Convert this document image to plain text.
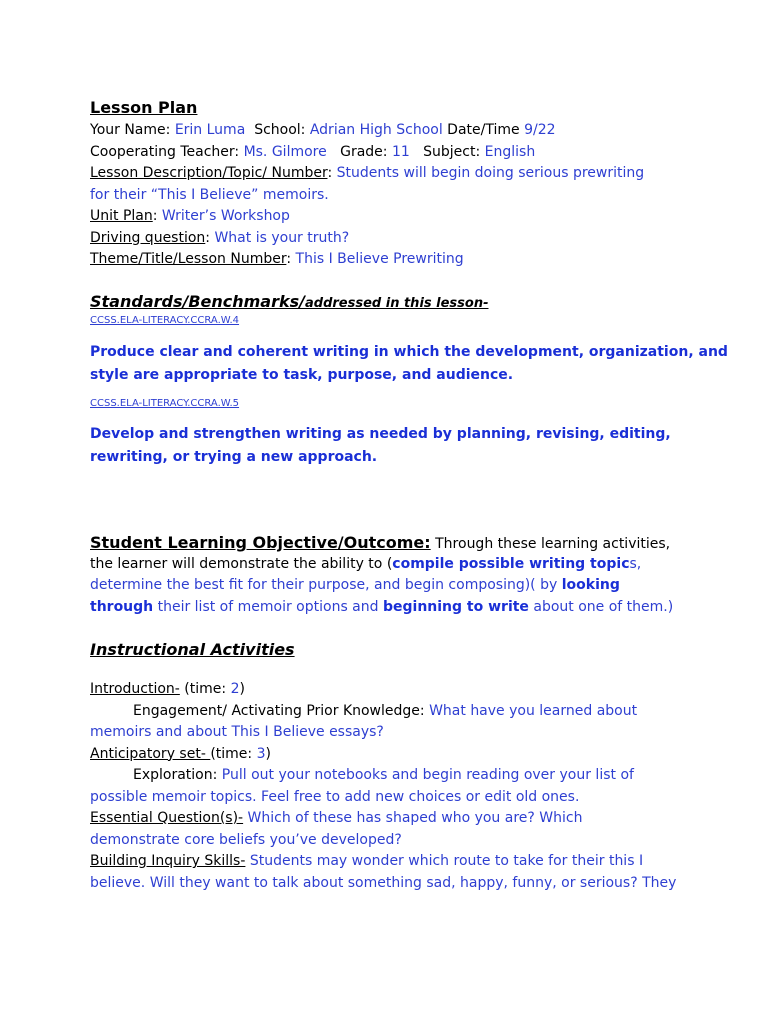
Lesson Plan
Your Name: Erin Luma School: Adrian High School Date/Time 9/22
Cooperating Teacher: Ms. Gilmore Grade: 11 Subject: English
Lesson Description/Topic/ Number: Students will begin doing serious prewriting
for their “This I Believe” memoirs.
Unit Plan: Writer’s Workshop
Driving question: What is your truth?
Theme/Title/Lesson Number: This I Believe Prewriting
Standards/Benchmarks/addressed in this lesson-
CCSS.ELA-LITERACY.CCRA.W.4
Produce clear and coherent writing in which the development, organization, and
style are appropriate to task, purpose, and audience.
CCSS.ELA-LITERACY.CCRA.W.5
Develop and strengthen writing as needed by planning, revising, editing,
rewriting, or trying a new approach.
Student Learning Objective/Outcome: Through these learning activities,
the learner will demonstrate the ability to (compile possible writing topics,
determine the best fit for their purpose, and begin composing)( by looking
through their list of memoir options and beginning to write about one of them.)
Instructional Activities
Introduction- (time: 2)
Engagement/ Activating Prior Knowledge: What have you learned about
memoirs and about This I Believe essays?
Anticipatory set- (time: 3)
Exploration: Pull out your notebooks and begin reading over your list of
possible memoir topics. Feel free to add new choices or edit old ones.
Essential Question(s)- Which of these has shaped who you are? Which
demonstrate core beliefs you’ve developed?
Building Inquiry Skills- Students may wonder which route to take for their this I
believe. Will they want to talk about something sad, happy, funny, or serious? They
